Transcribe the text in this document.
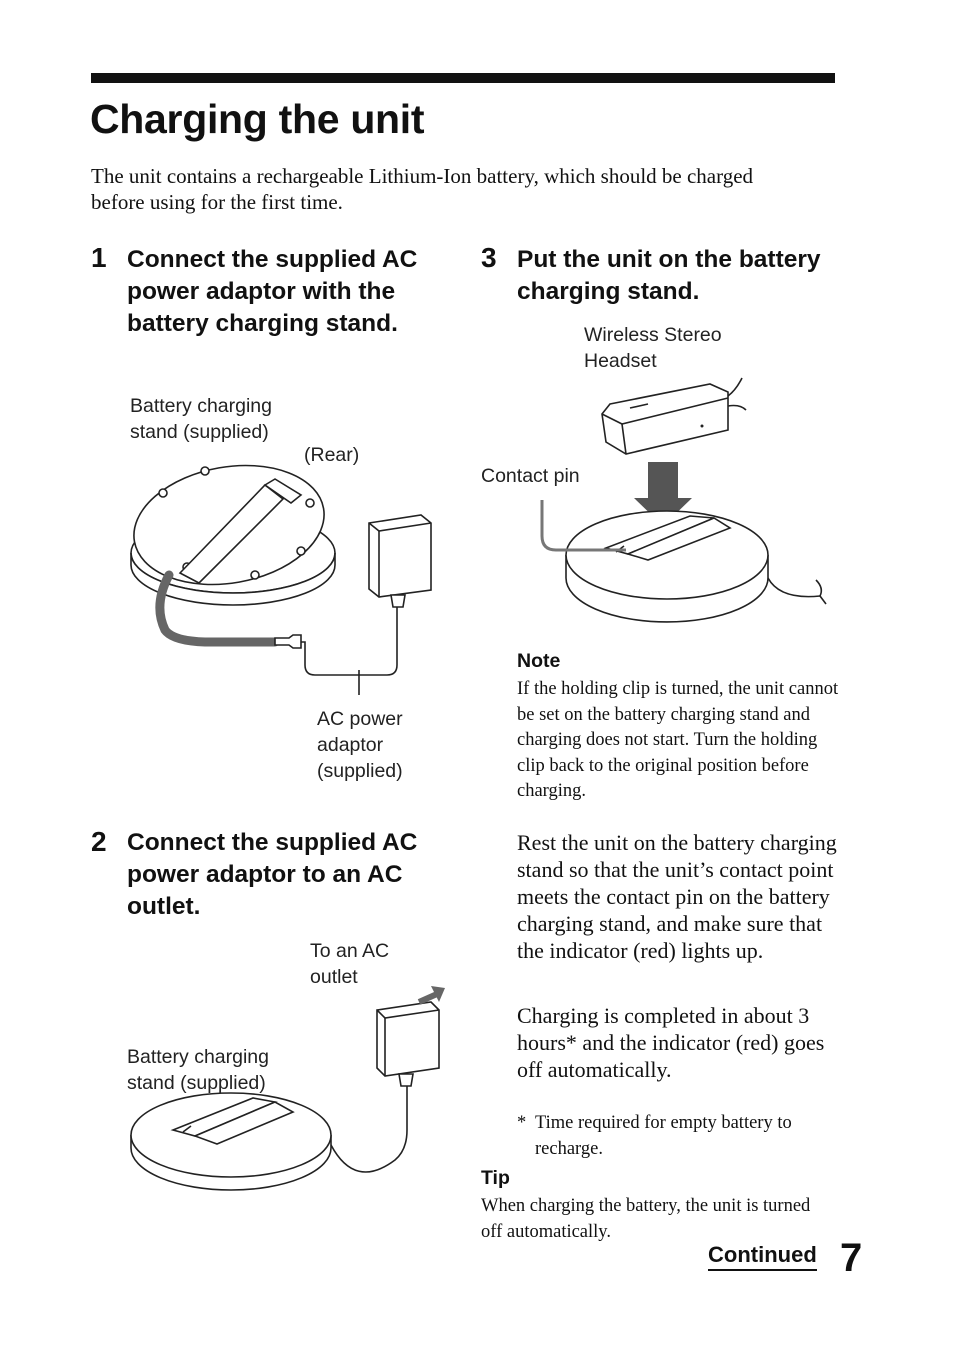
Charging the unit

The unit contains a rechargeable Lithium-Ion battery, which should be charged before using for the first time.

1 Connect the supplied AC power adaptor with the battery charging stand.

Battery charging stand (supplied)
(Rear)
AC power adaptor (supplied)
2 Connect the supplied AC power adaptor to an AC outlet.

To an AC outlet
Battery charging stand (supplied)
3 Put the unit on the battery charging stand.

Wireless Stereo Headset
Contact pin
Note

If the holding clip is turned, the unit cannot be set on the battery charging stand and charging does not start. Turn the holding clip back to the original position before charging.

Rest the unit on the battery charging stand so that the unit’s contact point meets the contact pin on the battery charging stand, and make sure that the indicator (red) lights up.

Charging is completed in about 3 hours* and the indicator (red) goes off automatically.

* Time required for empty battery to recharge.

Tip

When charging the battery, the unit is turned off automatically.

Continued 7
